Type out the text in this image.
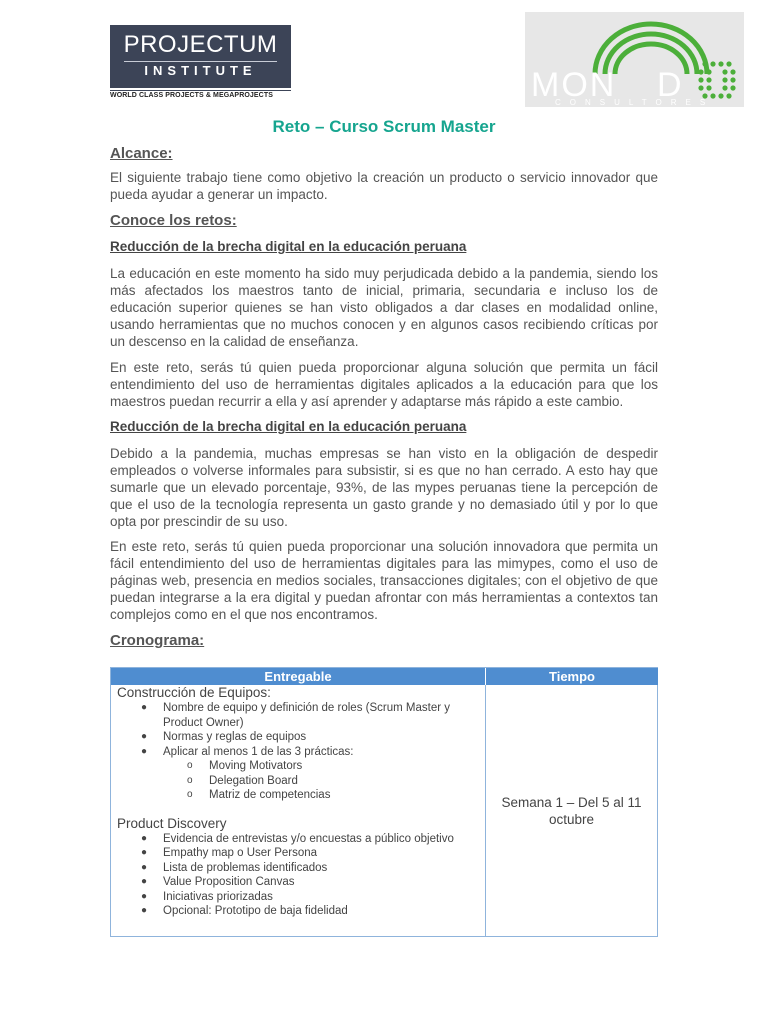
PROJECTUM
INSTITUTE
WORLD CLASS PROJECTS & MEGAPROJECTS	MON D
CONSULTORES
Reto – Curso Scrum Master
Alcance:
El siguiente trabajo tiene como objetivo la creación un producto o servicio innovador que pueda ayudar a generar un impacto.
Conoce los retos:
Reducción de la brecha digital en la educación peruana
La educación en este momento ha sido muy perjudicada debido a la pandemia, siendo los más afectados los maestros tanto de inicial, primaria, secundaria e incluso los de educación superior quienes se han visto obligados a dar clases en modalidad online, usando herramientas que no muchos conocen y en algunos casos recibiendo críticas por un descenso en la calidad de enseñanza.
En este reto, serás tú quien pueda proporcionar alguna solución que permita un fácil entendimiento del uso de herramientas digitales aplicados a la educación para que los maestros puedan recurrir a ella y así aprender y adaptarse más rápido a este cambio.
Reducción de la brecha digital en la educación peruana
Debido a la pandemia, muchas empresas se han visto en la obligación de despedir empleados o volverse informales para subsistir, si es que no han cerrado. A esto hay que sumarle que un elevado porcentaje, 93%, de las mypes peruanas tiene la percepción de que el uso de la tecnología representa un gasto grande y no demasiado útil y por lo que opta por prescindir de su uso.
En este reto, serás tú quien pueda proporcionar una solución innovadora que permita un fácil entendimiento del uso de herramientas digitales para las mimypes, como el uso de páginas web, presencia en medios sociales, transacciones digitales; con el objetivo de que puedan integrarse a la era digital y puedan afrontar con más herramientas a contextos tan complejos como en el que nos encontramos.
Cronograma:
Entregable	Tiempo
Construcción de Equipos:
● Nombre de equipo y definición de roles (Scrum Master y Product Owner)
● Normas y reglas de equipos
● Aplicar al menos 1 de las 3 prácticas:
o Moving Motivators
o Delegation Board
o Matriz de competencias
Product Discovery
● Evidencia de entrevistas y/o encuestas a público objetivo
● Empathy map o User Persona
● Lista de problemas identificados
● Value Proposition Canvas
● Iniciativas priorizadas
● Opcional: Prototipo de baja fidelidad
Semana 1 – Del 5 al 11 octubre
